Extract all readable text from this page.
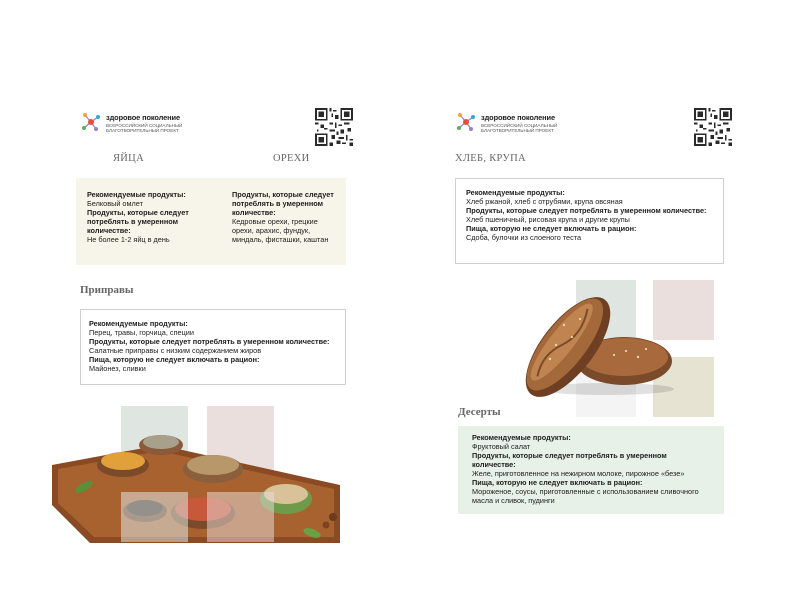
здоровое поколение
ВСЕРОССИЙСКИЙ СОЦИАЛЬНЫЙ БЛАГОТВОРИТЕЛЬНЫЙ ПРОЕКТ
ЯЙЦА	ОРЕХИ

Рекомендуемые продукты:

Белковый омлет

Продукты, которые следует потреблять в умеренном количестве:

Не более 1-2 яйц в день

Продукты, которые следует потреблять в умеренном количестве:

Кедровые орехи, грецкие орехи, арахис, фундук, миндаль, фисташки, каштан

Приправы

Рекомендуемые продукты:

Перец, травы, горчица, специи

Продукты, которые следует потреблять в умеренном количестве:

Салатные приправы с низким содержанием жиров

Пища, которую не следует включать в рацион:

Майонез, сливки

здоровое поколение
ВСЕРОССИЙСКИЙ СОЦИАЛЬНЫЙ БЛАГОТВОРИТЕЛЬНЫЙ ПРОЕКТ
ХЛЕБ, КРУПА

Рекомендуемые продукты:

Хлеб ржаной, хлеб с отрубями, крупа овсяная

Продукты, которые следует потреблять в умеренном количестве:

Хлеб пшеничный, рисовая крупа и другие крупы

Пища, которую не следует включать в рацион:

Сдоба, булочки из слоеного теста

Десерты

Рекомендуемые продукты:

Фруктовый салат

Продукты, которые следует потреблять в умеренном количестве:

Желе, приготовленное на нежирном молоке, пирожное «безе»

Пища, которую не следует включать в рацион:

Мороженое, соусы, приготовленные с использованием сливочного масла и сливок, пудинги
